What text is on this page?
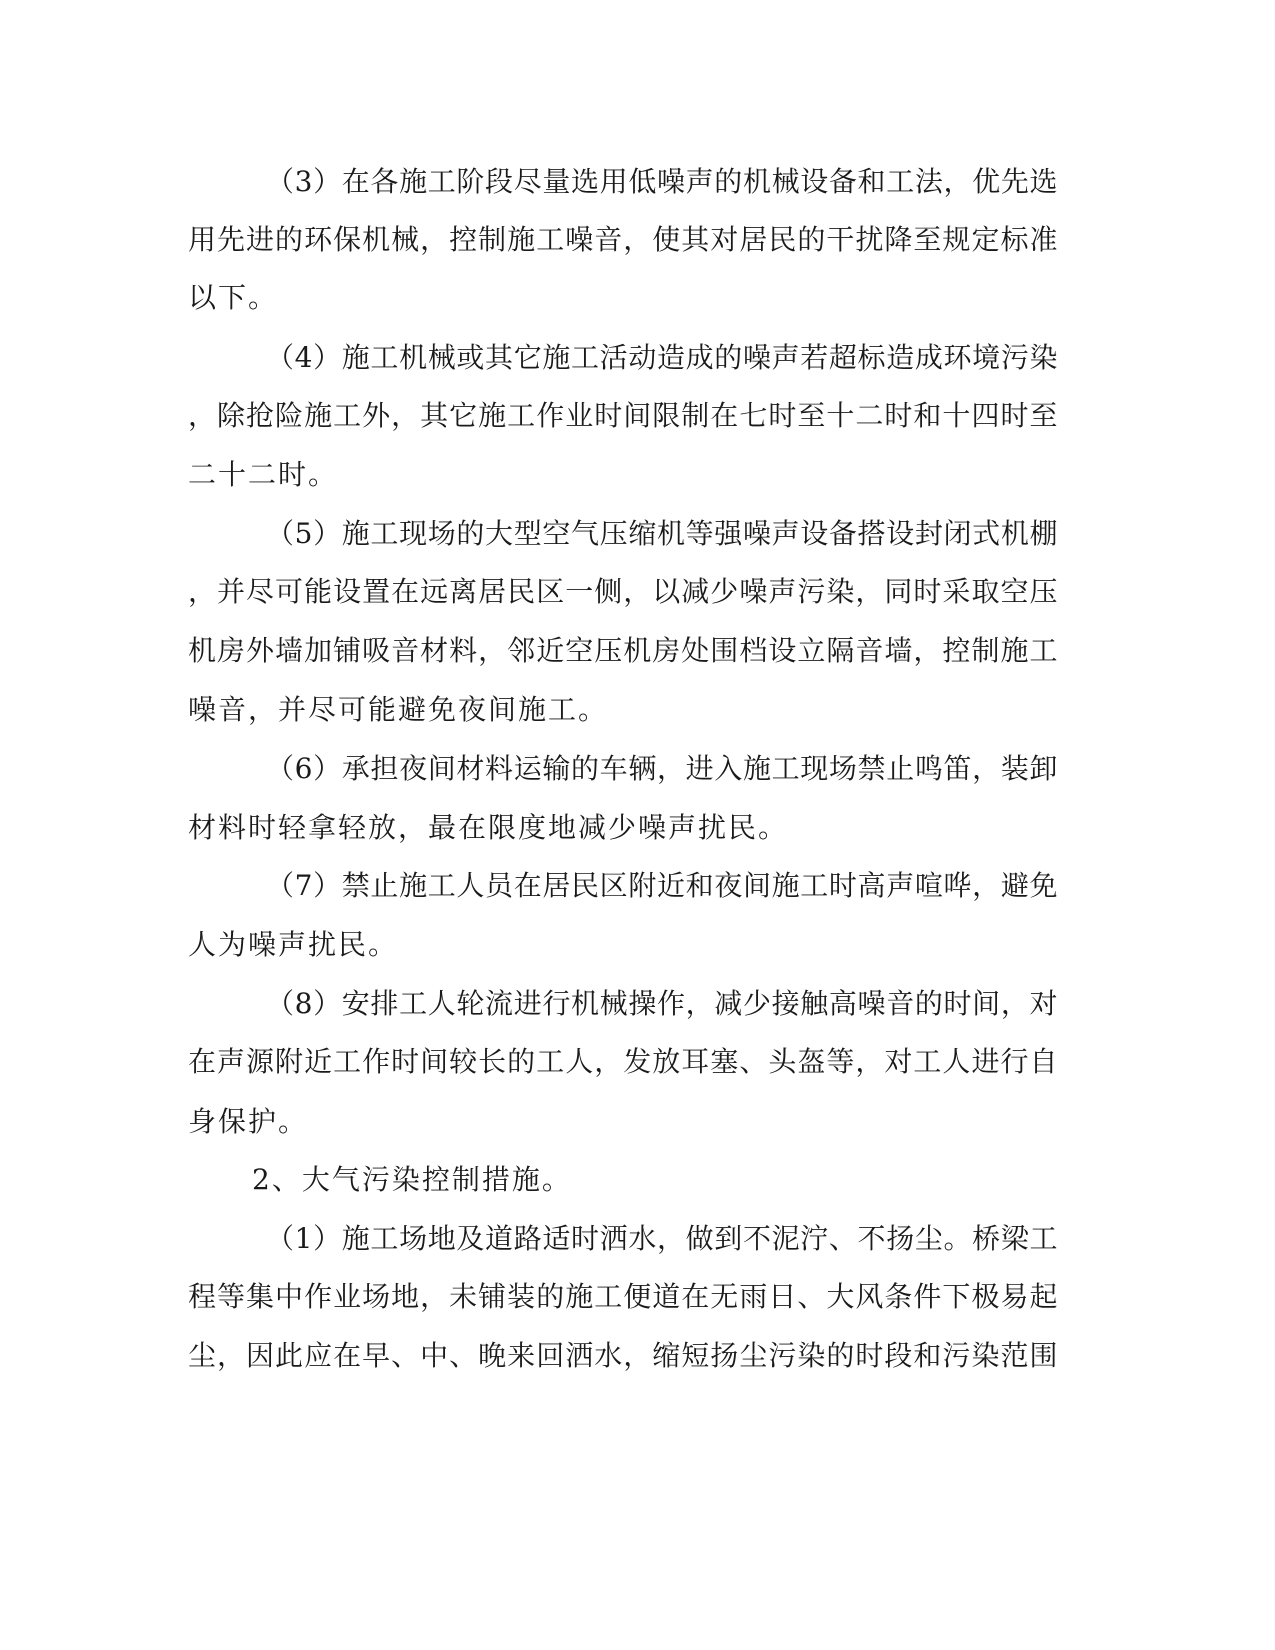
（3）在各施工阶段尽量选用低噪声的机械设备和工法，优先选
用先进的环保机械，控制施工噪音，使其对居民的干扰降至规定标准
以下。
（4）施工机械或其它施工活动造成的噪声若超标造成环境污染
，除抢险施工外，其它施工作业时间限制在七时至十二时和十四时至
二十二时。
（5）施工现场的大型空气压缩机等强噪声设备搭设封闭式机棚
，并尽可能设置在远离居民区一侧，以减少噪声污染，同时采取空压
机房外墙加铺吸音材料，邻近空压机房处围档设立隔音墙，控制施工
噪音，并尽可能避免夜间施工。
（6）承担夜间材料运输的车辆，进入施工现场禁止鸣笛，装卸
材料时轻拿轻放，最在限度地减少噪声扰民。
（7）禁止施工人员在居民区附近和夜间施工时高声喧哗，避免
人为噪声扰民。
（8）安排工人轮流进行机械操作，减少接触高噪音的时间，对
在声源附近工作时间较长的工人，发放耳塞、头盔等，对工人进行自
身保护。
2、大气污染控制措施。
（1）施工场地及道路适时洒水，做到不泥泞、不扬尘。桥梁工
程等集中作业场地，未铺装的施工便道在无雨日、大风条件下极易起
尘，因此应在早、中、晚来回洒水，缩短扬尘污染的时段和污染范围
